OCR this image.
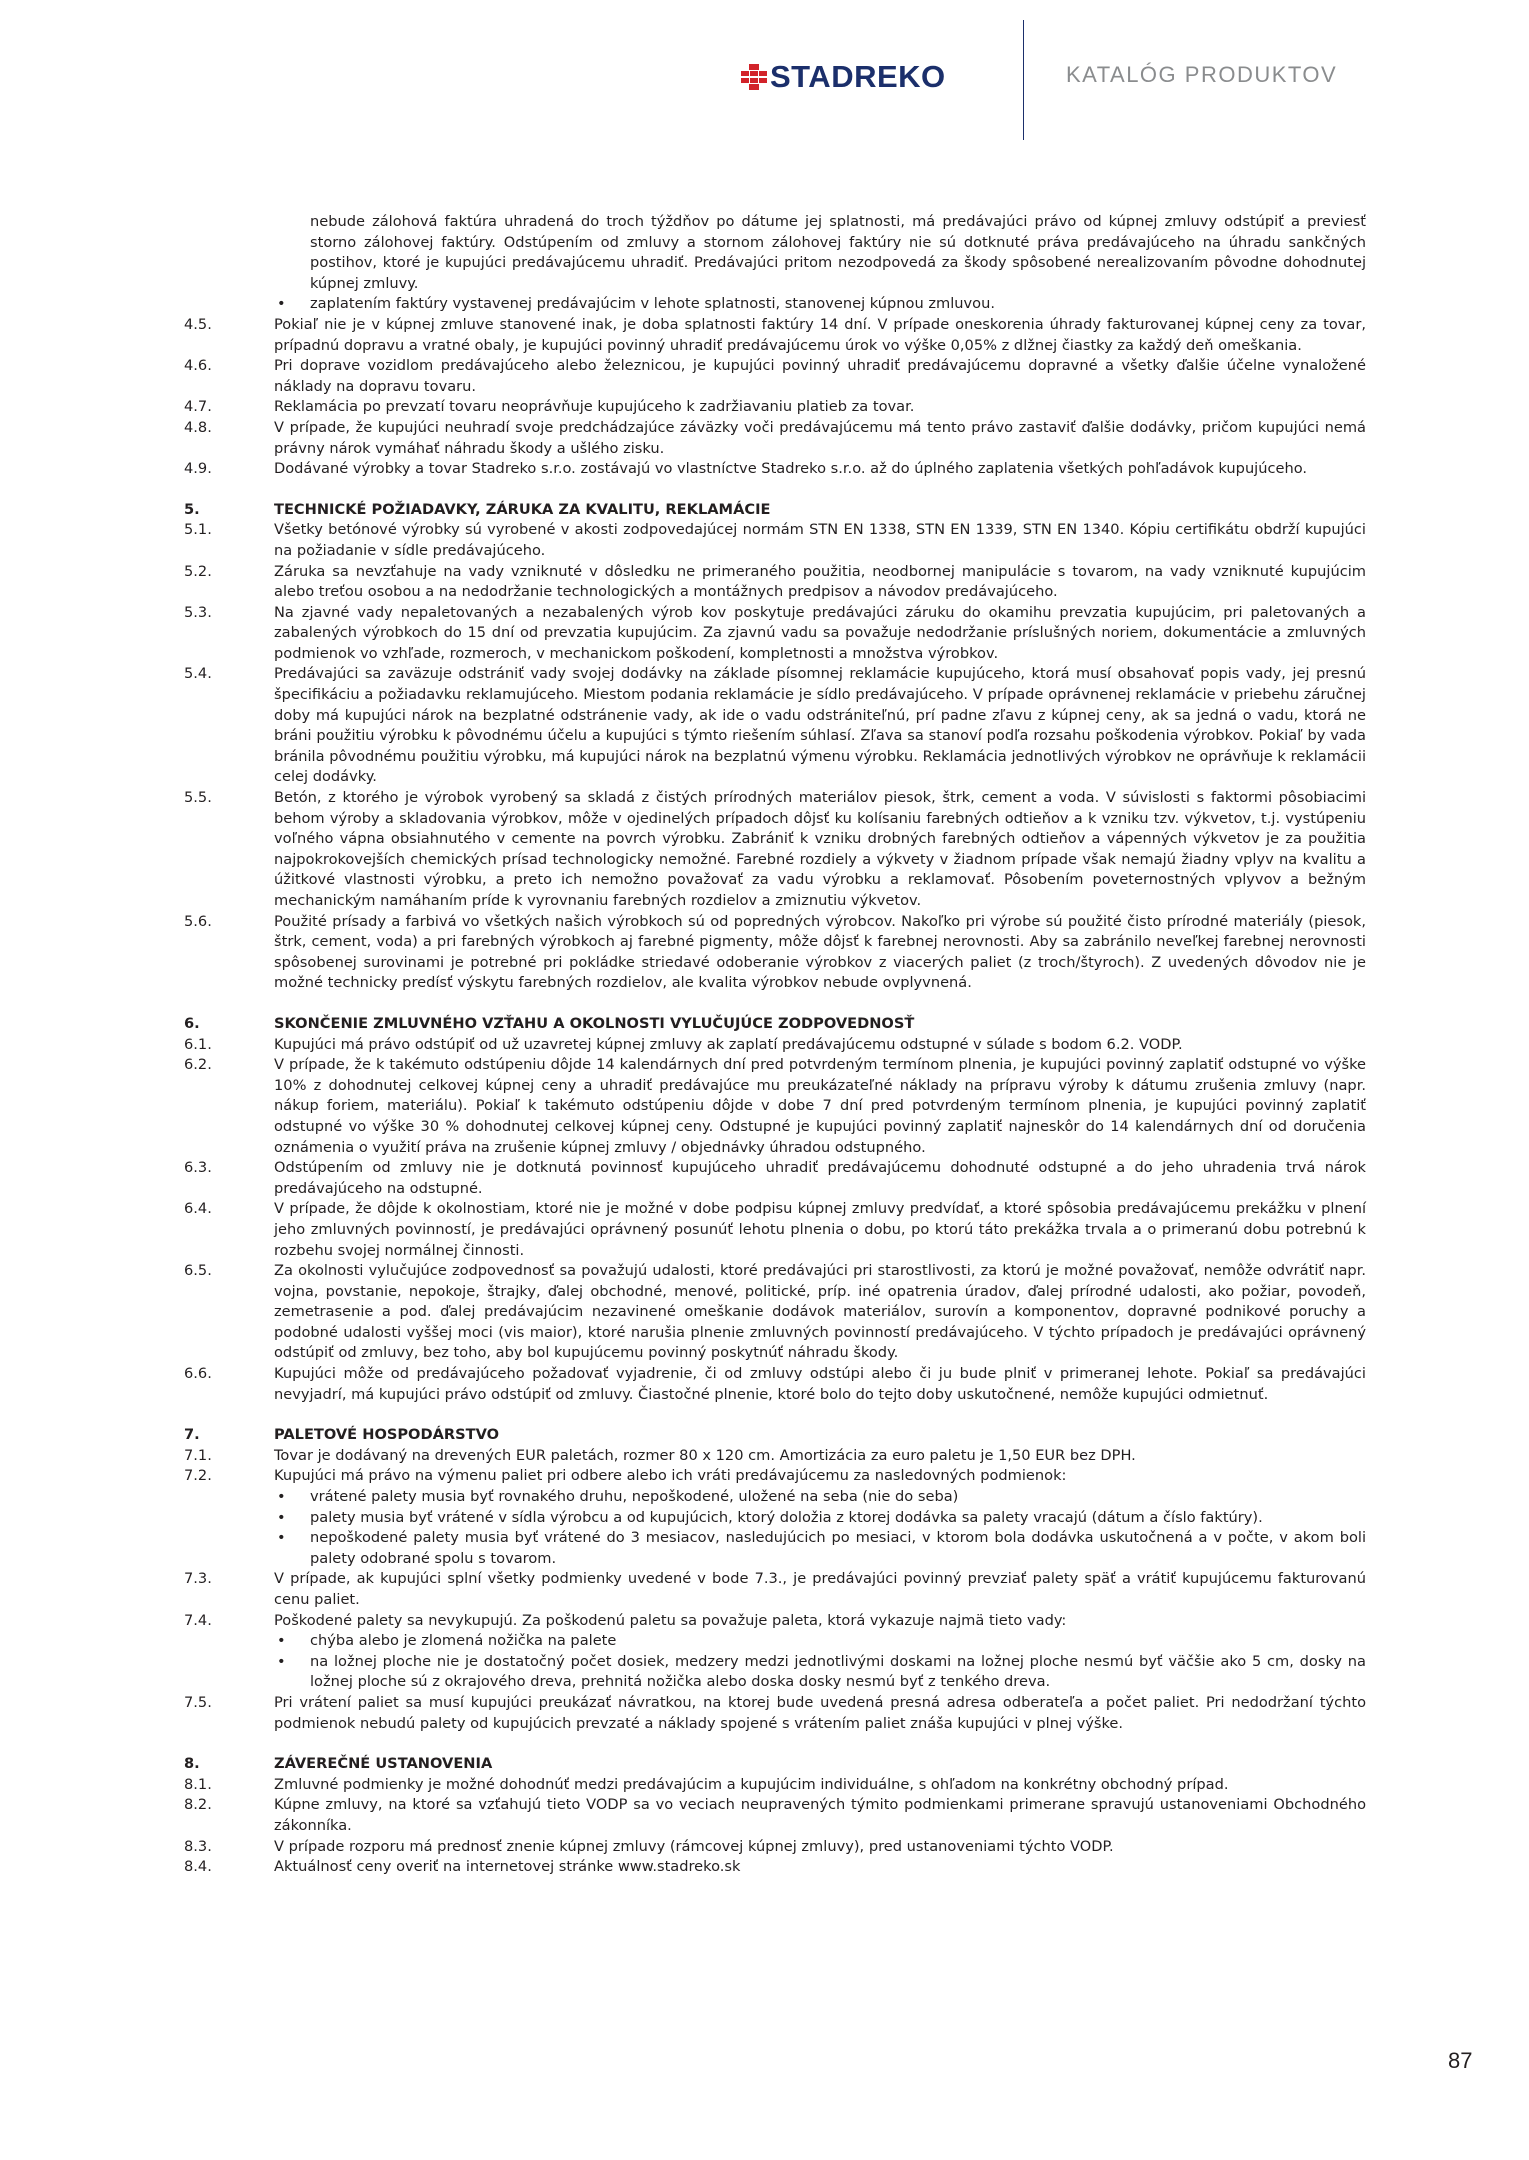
STADREKO	KATALÓG PRODUKTOV
nebude zálohová faktúra uhradená do troch týždňov po dátume jej splatnosti, má predávajúci právo od kúpnej zmluvy odstúpiť a previesť storno zálohovej faktúry. Odstúpením od zmluvy a stornom zálohovej faktúry nie sú dotknuté práva predávajúceho na úhradu sankčných postihov, ktoré je kupujúci predávajúcemu uhradiť. Predávajúci pritom nezodpovedá za škody spôsobené nerealizovaním pôvodne dohodnutej kúpnej zmluvy.
•	zaplatením faktúry vystavenej predávajúcim v lehote splatnosti, stanovenej kúpnou zmluvou.
4.5.	Pokiaľ nie je v kúpnej zmluve stanovené inak, je doba splatnosti faktúry 14 dní. V prípade oneskorenia úhrady fakturovanej kúpnej ceny za tovar, prípadnú dopravu a vratné obaly, je kupujúci povinný uhradiť predávajúcemu úrok vo výške 0,05% z dlžnej čiastky za každý deň omeškania.
4.6.	Pri doprave vozidlom predávajúceho alebo železnicou, je kupujúci povinný uhradiť predávajúcemu dopravné a všetky ďalšie účelne vynaložené náklady na dopravu tovaru.
4.7.	Reklamácia po prevzatí tovaru neoprávňuje kupujúceho k zadržiavaniu platieb za tovar.
4.8.	V prípade, že kupujúci neuhradí svoje predchádzajúce záväzky voči predávajúcemu má tento právo zastaviť ďalšie dodávky, pričom kupujúci nemá právny nárok vymáhať náhradu škody a ušlého zisku.
4.9.	Dodávané výrobky a tovar Stadreko s.r.o. zostávajú vo vlastníctve Stadreko s.r.o. až do úplného zaplatenia všetkých pohľadávok kupujúceho.
5.	TECHNICKÉ POŽIADAVKY, ZÁRUKA ZA KVALITU, REKLAMÁCIE
5.1.	Všetky betónové výrobky sú vyrobené v akosti zodpovedajúcej normám STN EN 1338, STN EN 1339, STN EN 1340. Kópiu certifikátu obdrží kupujúci na požiadanie v sídle predávajúceho.
5.2.	Záruka sa nevzťahuje na vady vzniknuté v dôsledku ne primeraného použitia, neodbornej manipulácie s tovarom, na vady vzniknuté kupujúcim alebo treťou osobou a na nedodržanie technologických a montážnych predpisov a návodov predávajúceho.
5.3.	Na zjavné vady nepaletovaných a nezabalených výrob kov poskytuje predávajúci záruku do okamihu prevzatia kupujúcim, pri paletovaných a zabalených výrobkoch do 15 dní od prevzatia kupujúcim. Za zjavnú vadu sa považuje nedodržanie príslušných noriem, dokumentácie a zmluvných podmienok vo vzhľade, rozmeroch, v mechanickom poškodení, kompletnosti a množstva výrobkov.
5.4.	Predávajúci sa zaväzuje odstrániť vady svojej dodávky na základe písomnej reklamácie kupujúceho, ktorá musí obsahovať popis vady, jej presnú špecifikáciu a požiadavku reklamujúceho. Miestom podania reklamácie je sídlo predávajúceho. V prípade oprávnenej reklamácie v priebehu záručnej doby má kupujúci nárok na bezplatné odstránenie vady, ak ide o vadu odstrániteľnú, prí padne zľavu z kúpnej ceny, ak sa jedná o vadu, ktorá ne bráni použitiu výrobku k pôvodnému účelu a kupujúci s týmto riešením súhlasí. Zľava sa stanoví podľa rozsahu poškodenia výrobkov. Pokiaľ by vada bránila pôvodnému použitiu výrobku, má kupujúci nárok na bezplatnú výmenu výrobku. Reklamácia jednotlivých výrobkov ne oprávňuje k reklamácii celej dodávky.
5.5.	Betón, z ktorého je výrobok vyrobený sa skladá z čistých prírodných materiálov piesok, štrk, cement a voda. V súvislosti s faktormi pôsobiacimi behom výroby a skladovania výrobkov, môže v ojedinelých prípadoch dôjsť ku kolísaniu farebných odtieňov a k vzniku tzv. výkvetov, t.j. vystúpeniu voľného vápna obsiahnutého v cemente na povrch výrobku. Zabrániť k vzniku drobných farebných odtieňov a vápenných výkvetov je za použitia najpokrokovejších chemických prísad technologicky nemožné. Farebné rozdiely a výkvety v žiadnom prípade však nemajú žiadny vplyv na kvalitu a úžitkové vlastnosti výrobku, a preto ich nemožno považovať za vadu výrobku a reklamovať. Pôsobením poveternostných vplyvov a bežným mechanickým namáhaním príde k vyrovnaniu farebných rozdielov a zmiznutiu výkvetov.
5.6.	Použité prísady a farbivá vo všetkých našich výrobkoch sú od popredných výrobcov. Nakoľko pri výrobe sú použité čisto prírodné materiály (piesok, štrk, cement, voda) a pri farebných výrobkoch aj farebné pigmenty, môže dôjsť k farebnej nerovnosti. Aby sa zabránilo neveľkej farebnej nerovnosti spôsobenej surovinami je potrebné pri pokládke striedavé odoberanie výrobkov z viacerých paliet (z troch/štyroch). Z uvedených dôvodov nie je možné technicky predísť výskytu farebných rozdielov, ale kvalita výrobkov nebude ovplyvnená.
6.	SKONČENIE ZMLUVNÉHO VZŤAHU A OKOLNOSTI VYLUČUJÚCE ZODPOVEDNOSŤ
6.1.	Kupujúci má právo odstúpiť od už uzavretej kúpnej zmluvy ak zaplatí predávajúcemu odstupné v súlade s bodom 6.2. VODP.
6.2.	V prípade, že k takémuto odstúpeniu dôjde 14 kalendárnych dní pred potvrdeným termínom plnenia, je kupujúci povinný zaplatiť odstupné vo výške 10% z dohodnutej celkovej kúpnej ceny a uhradiť predávajúce mu preukázateľné náklady na prípravu výroby k dátumu zrušenia zmluvy (napr. nákup foriem, materiálu). Pokiaľ k takémuto odstúpeniu dôjde v dobe 7 dní pred potvrdeným termínom plnenia, je kupujúci povinný zaplatiť odstupné vo výške 30 % dohodnutej celkovej kúpnej ceny. Odstupné je kupujúci povinný zaplatiť najneskôr do 14 kalendárnych dní od doručenia oznámenia o využití práva na zrušenie kúpnej zmluvy / objednávky úhradou odstupného.
6.3.	Odstúpením od zmluvy nie je dotknutá povinnosť kupujúceho uhradiť predávajúcemu dohodnuté odstupné a do jeho uhradenia trvá nárok predávajúceho na odstupné.
6.4.	V prípade, že dôjde k okolnostiam, ktoré nie je možné v dobe podpisu kúpnej zmluvy predvídať, a ktoré spôsobia predávajúcemu prekážku v plnení jeho zmluvných povinností, je predávajúci oprávnený posunúť lehotu plnenia o dobu, po ktorú táto prekážka trvala a o primeranú dobu potrebnú k rozbehu svojej normálnej činnosti.
6.5.	Za okolnosti vylučujúce zodpovednosť sa považujú udalosti, ktoré predávajúci pri starostlivosti, za ktorú je možné považovať, nemôže odvrátiť napr. vojna, povstanie, nepokoje, štrajky, ďalej obchodné, menové, politické, príp. iné opatrenia úradov, ďalej prírodné udalosti, ako požiar, povodeň, zemetrasenie a pod. ďalej predávajúcim nezavinené omeškanie dodávok materiálov, surovín a komponentov, dopravné podnikové poruchy a podobné udalosti vyššej moci (vis maior), ktoré narušia plnenie zmluvných povinností predávajúceho. V týchto prípadoch je predávajúci oprávnený odstúpiť od zmluvy, bez toho, aby bol kupujúcemu povinný poskytnúť náhradu škody.
6.6.	Kupujúci môže od predávajúceho požadovať vyjadrenie, či od zmluvy odstúpi alebo či ju bude plniť v primeranej lehote. Pokiaľ sa predávajúci nevyjadrí, má kupujúci právo odstúpiť od zmluvy. Čiastočné plnenie, ktoré bolo do tejto doby uskutočnené, nemôže kupujúci odmietnuť.
7.	PALETOVÉ HOSPODÁRSTVO
7.1.	Tovar je dodávaný na drevených EUR paletách, rozmer 80 x 120 cm. Amortizácia za euro paletu je 1,50 EUR bez DPH.
7.2.	Kupujúci má právo na výmenu paliet pri odbere alebo ich vráti predávajúcemu za nasledovných podmienok:
•	vrátené palety musia byť rovnakého druhu, nepoškodené, uložené na seba (nie do seba)
•	palety musia byť vrátené v sídla výrobcu a od kupujúcich, ktorý doložia z ktorej dodávka sa palety vracajú (dátum a číslo faktúry).
•	nepoškodené palety musia byť vrátené do 3 mesiacov, nasledujúcich po mesiaci, v ktorom bola dodávka uskutočnená a v počte, v akom boli palety odobrané spolu s tovarom.
7.3.	V prípade, ak kupujúci splní všetky podmienky uvedené v bode 7.3., je predávajúci povinný prevziať palety späť a vrátiť kupujúcemu fakturovanú cenu paliet.
7.4.	Poškodené palety sa nevykupujú. Za poškodenú paletu sa považuje paleta, ktorá vykazuje najmä tieto vady:
•	chýba alebo je zlomená nožička na palete
•	na ložnej ploche nie je dostatočný počet dosiek, medzery medzi jednotlivými doskami na ložnej ploche nesmú byť väčšie ako 5 cm, dosky na ložnej ploche sú z okrajového dreva, prehnitá nožička alebo doska dosky nesmú byť z tenkého dreva.
7.5.	Pri vrátení paliet sa musí kupujúci preukázať návratkou, na ktorej bude uvedená presná adresa odberateľa a počet paliet. Pri nedodržaní týchto podmienok nebudú palety od kupujúcich prevzaté a náklady spojené s vrátením paliet znáša kupujúci v plnej výške.
8.	ZÁVEREČNÉ USTANOVENIA
8.1.	Zmluvné podmienky je možné dohodnúť medzi predávajúcim a kupujúcim individuálne, s ohľadom na konkrétny obchodný prípad.
8.2.	Kúpne zmluvy, na ktoré sa vzťahujú tieto VODP sa vo veciach neupravených týmito podmienkami primerane spravujú ustanoveniami Obchodného zákonníka.
8.3.	V prípade rozporu má prednosť znenie kúpnej zmluvy (rámcovej kúpnej zmluvy), pred ustanoveniami týchto VODP.
8.4.	Aktuálnosť ceny overiť na internetovej stránke www.stadreko.sk
87
